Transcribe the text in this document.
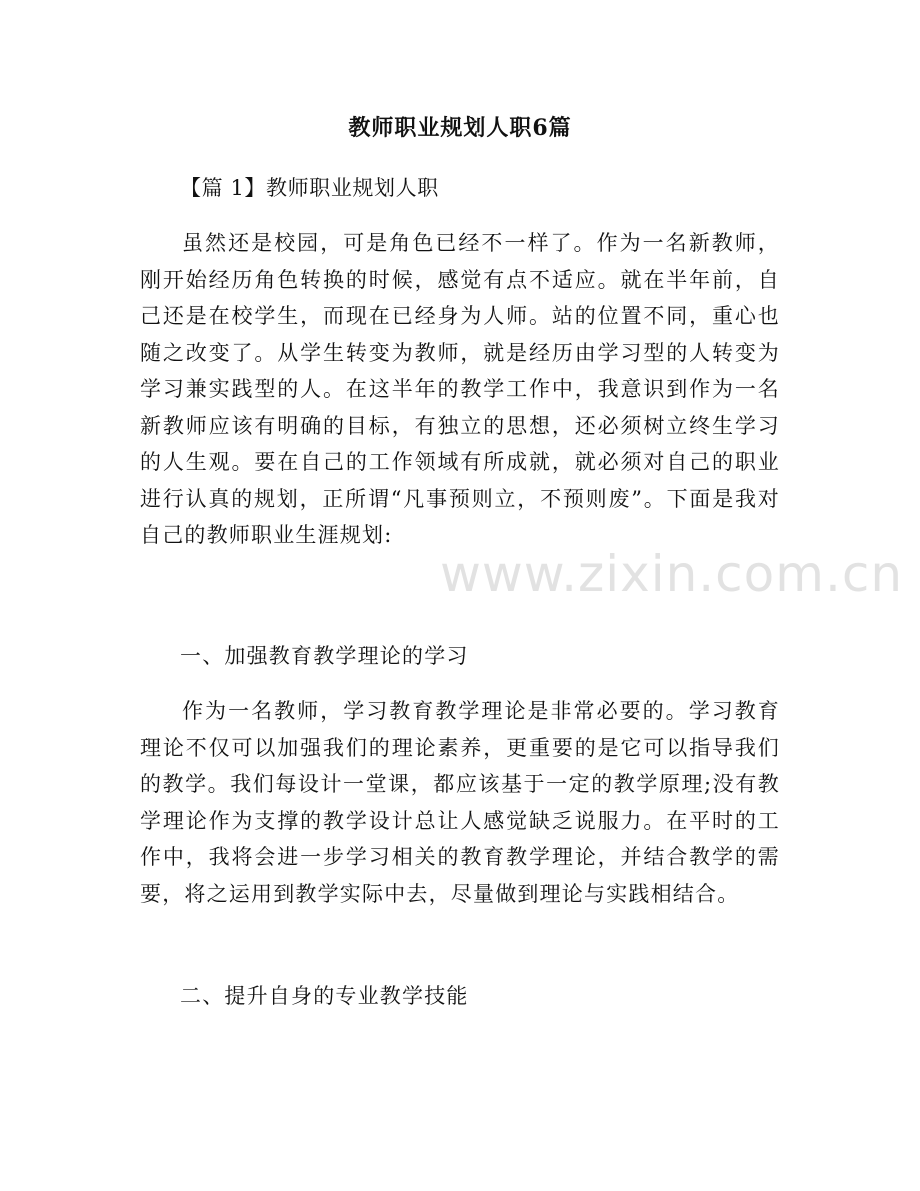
教师职业规划人职6篇
【篇 1】教师职业规划人职
虽然还是校园，可是角色已经不一样了。作为一名新教师，刚开始经历角色转换的时候，感觉有点不适应。就在半年前，自己还是在校学生，而现在已经身为人师。站的位置不同，重心也随之改变了。从学生转变为教师，就是经历由学习型的人转变为学习兼实践型的人。在这半年的教学工作中，我意识到作为一名新教师应该有明确的目标，有独立的思想，还必须树立终生学习的人生观。要在自己的工作领域有所成就，就必须对自己的职业进行认真的规划，正所谓“凡事预则立，不预则废”。下面是我对自己的教师职业生涯规划:
一、加强教育教学理论的学习
作为一名教师，学习教育教学理论是非常必要的。学习教育理论不仅可以加强我们的理论素养，更重要的是它可以指导我们的教学。我们每设计一堂课，都应该基于一定的教学原理;没有教学理论作为支撑的教学设计总让人感觉缺乏说服力。在平时的工作中，我将会进一步学习相关的教育教学理论，并结合教学的需要，将之运用到教学实际中去，尽量做到理论与实践相结合。
二、提升自身的专业教学技能
www.zixin.com.cn
